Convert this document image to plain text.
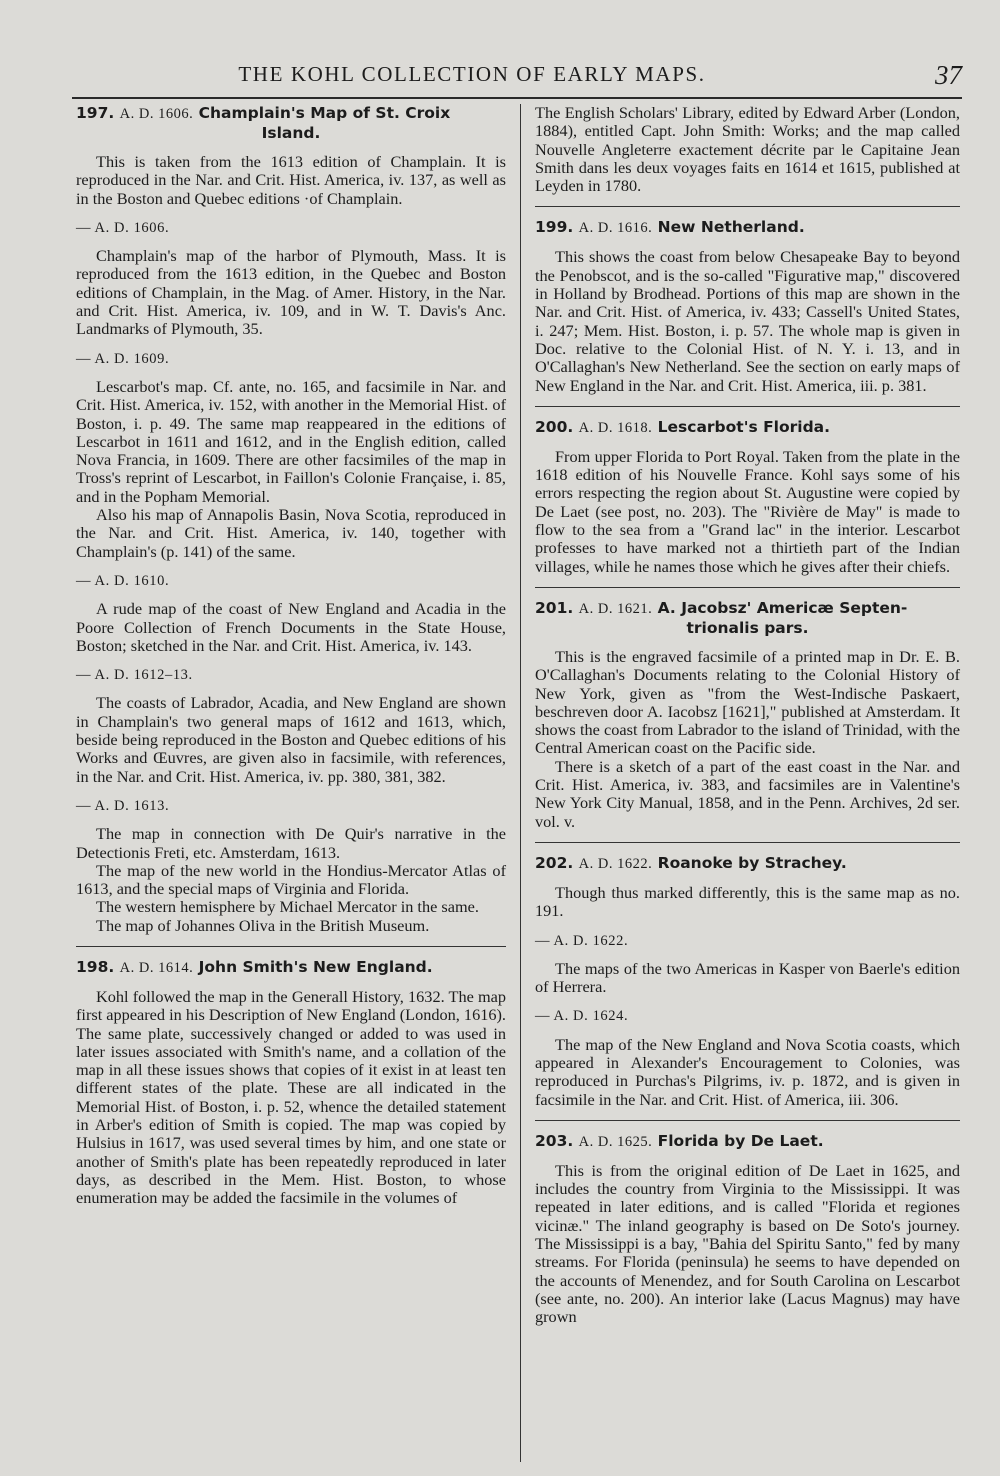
THE KOHL COLLECTION OF EARLY MAPS.	37
197. A. D. 1606. Champlain's Map of St. Croix
Island.

This is taken from the 1613 edition of Champlain. It is reproduced in the Nar. and Crit. Hist. America, iv. 137, as well as in the Boston and Quebec editions ·of Champlain.

— A. D. 1606.

Champlain's map of the harbor of Plymouth, Mass. It is reproduced from the 1613 edition, in the Quebec and Boston editions of Champlain, in the Mag. of Amer. History, in the Nar. and Crit. Hist. America, iv. 109, and in W. T. Davis's Anc. Landmarks of Plymouth, 35.

— A. D. 1609.

Lescarbot's map. Cf. ante, no. 165, and facsimile in Nar. and Crit. Hist. America, iv. 152, with another in the Memorial Hist. of Boston, i. p. 49. The same map reappeared in the editions of Lescarbot in 1611 and 1612, and in the English edition, called Nova Francia, in 1609. There are other facsimiles of the map in Tross's reprint of Lescarbot, in Faillon's Colonie Française, i. 85, and in the Popham Memorial.

Also his map of Annapolis Basin, Nova Scotia, reproduced in the Nar. and Crit. Hist. America, iv. 140, together with Champlain's (p. 141) of the same.

— A. D. 1610.

A rude map of the coast of New England and Acadia in the Poore Collection of French Documents in the State House, Boston; sketched in the Nar. and Crit. Hist. America, iv. 143.

— A. D. 1612–13.

The coasts of Labrador, Acadia, and New England are shown in Champlain's two general maps of 1612 and 1613, which, beside being reproduced in the Boston and Quebec editions of his Works and Œuvres, are given also in facsimile, with references, in the Nar. and Crit. Hist. America, iv. pp. 380, 381, 382.

— A. D. 1613.

The map in connection with De Quir's narrative in the Detectionis Freti, etc. Amsterdam, 1613.

The map of the new world in the Hondius-Mercator Atlas of 1613, and the special maps of Virginia and Florida.

The western hemisphere by Michael Mercator in the same.

The map of Johannes Oliva in the British Museum.

198. A. D. 1614. John Smith's New England.

Kohl followed the map in the Generall History, 1632. The map first appeared in his Description of New England (London, 1616). The same plate, successively changed or added to was used in later issues associated with Smith's name, and a collation of the map in all these issues shows that copies of it exist in at least ten different states of the plate. These are all indicated in the Memorial Hist. of Boston, i. p. 52, whence the detailed statement in Arber's edition of Smith is copied. The map was copied by Hulsius in 1617, was used several times by him, and one state or another of Smith's plate has been repeatedly reproduced in later days, as described in the Mem. Hist. Boston, to whose enumeration may be added the facsimile in the volumes of

The English Scholars' Library, edited by Edward Arber (London, 1884), entitled Capt. John Smith: Works; and the map called Nouvelle Angleterre exactement décrite par le Capitaine Jean Smith dans les deux voyages faits en 1614 et 1615, published at Leyden in 1780.

199. A. D. 1616. New Netherland.

This shows the coast from below Chesapeake Bay to beyond the Penobscot, and is the so-called "Figurative map," discovered in Holland by Brodhead. Portions of this map are shown in the Nar. and Crit. Hist. of America, iv. 433; Cassell's United States, i. 247; Mem. Hist. Boston, i. p. 57. The whole map is given in Doc. relative to the Colonial Hist. of N. Y. i. 13, and in O'Callaghan's New Netherland. See the section on early maps of New England in the Nar. and Crit. Hist. America, iii. p. 381.

200. A. D. 1618. Lescarbot's Florida.

From upper Florida to Port Royal. Taken from the plate in the 1618 edition of his Nouvelle France. Kohl says some of his errors respecting the region about St. Augustine were copied by De Laet (see post, no. 203). The "Rivière de May" is made to flow to the sea from a "Grand lac" in the interior. Lescarbot professes to have marked not a thirtieth part of the Indian villages, while he names those which he gives after their chiefs.

201. A. D. 1621. A. Jacobsz' Americæ Septen-
trionalis pars.

This is the engraved facsimile of a printed map in Dr. E. B. O'Callaghan's Documents relating to the Colonial History of New York, given as "from the West-Indische Paskaert, beschreven door A. Iacobsz [1621]," published at Amsterdam. It shows the coast from Labrador to the island of Trinidad, with the Central American coast on the Pacific side.

There is a sketch of a part of the east coast in the Nar. and Crit. Hist. America, iv. 383, and facsimiles are in Valentine's New York City Manual, 1858, and in the Penn. Archives, 2d ser. vol. v.

202. A. D. 1622. Roanoke by Strachey.

Though thus marked differently, this is the same map as no. 191.

— A. D. 1622.

The maps of the two Americas in Kasper von Baerle's edition of Herrera.

— A. D. 1624.

The map of the New England and Nova Scotia coasts, which appeared in Alexander's Encouragement to Colonies, was reproduced in Purchas's Pilgrims, iv. p. 1872, and is given in facsimile in the Nar. and Crit. Hist. of America, iii. 306.

203. A. D. 1625. Florida by De Laet.

This is from the original edition of De Laet in 1625, and includes the country from Virginia to the Mississippi. It was repeated in later editions, and is called "Florida et regiones vicinæ." The inland geography is based on De Soto's journey. The Mississippi is a bay, "Bahia del Spiritu Santo," fed by many streams. For Florida (peninsula) he seems to have depended on the accounts of Menendez, and for South Carolina on Lescarbot (see ante, no. 200). An interior lake (Lacus Magnus) may have grown
